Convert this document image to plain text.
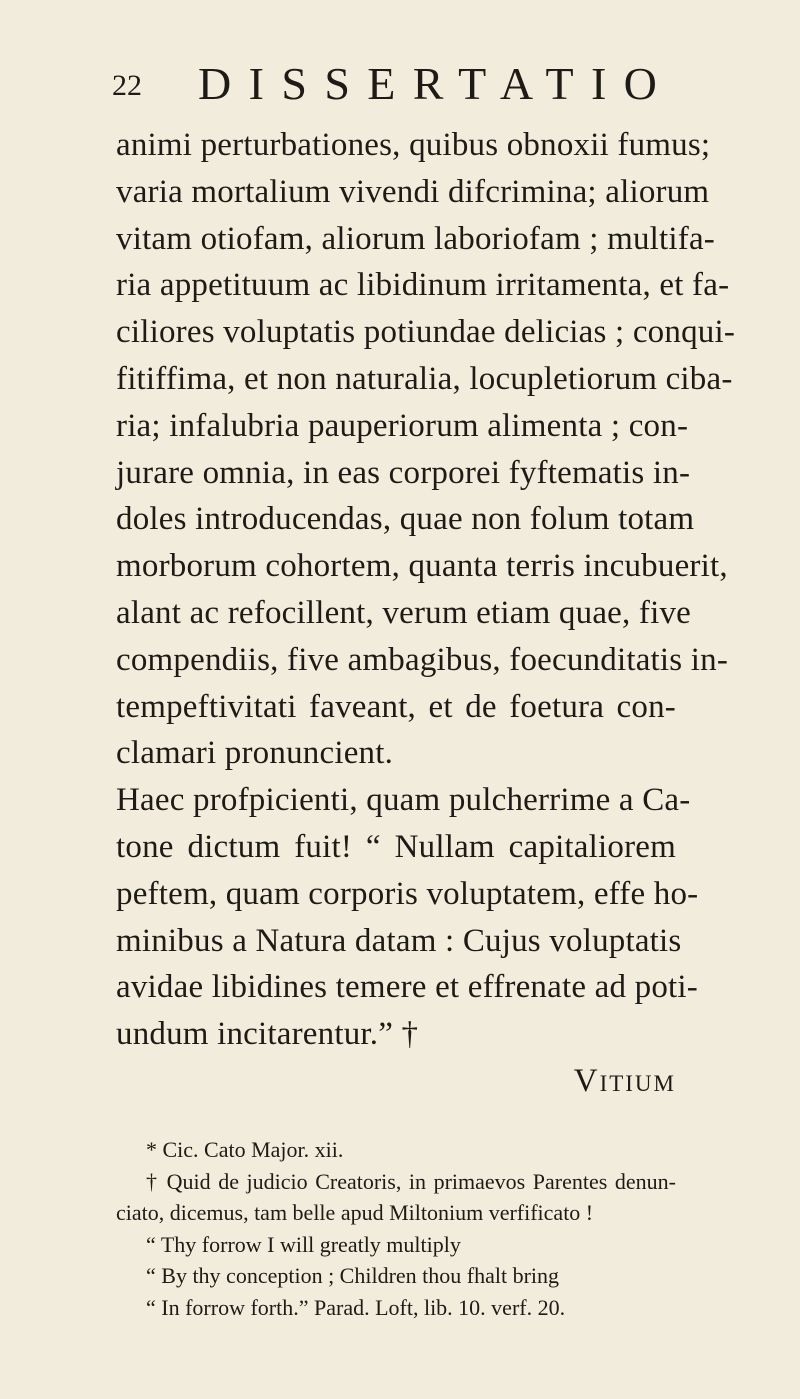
22 DISSERTATIO
animi perturbationes, quibus obnoxii fumus;
varia mortalium vivendi difcrimina; aliorum
vitam otiofam, aliorum laboriofam ; multifa-
ria appetituum ac libidinum irritamenta, et fa-
ciliores voluptatis potiundae delicias ; conqui-
fitiffima, et non naturalia, locupletiorum ciba-
ria; infalubria pauperiorum alimenta ; con-
jurare omnia, in eas corporei fyftematis in-
doles introducendas, quae non folum totam
morborum cohortem, quanta terris incubuerit,
alant ac refocillent, verum etiam quae, five
compendiis, five ambagibus, foecunditatis in-
tempeftivitati faveant, et de foetura con-
clamari pronuncient.
Haec profpicienti, quam pulcherrime a Ca-
tone dictum fuit! “ Nullam capitaliorem
peftem, quam corporis voluptatem, effe ho-
minibus a Natura datam : Cujus voluptatis
avidae libidines temere et effrenate ad poti-
undum incitarentur.” †
Vitium
* Cic. Cato Major. xii.
† Quid de judicio Creatoris, in primaevos Parentes denun-
ciato, dicemus, tam belle apud Miltonium verfificato !
“ Thy forrow I will greatly multiply
“ By thy conception ; Children thou fhalt bring
“ In forrow forth.” Parad. Loft, lib. 10. verf. 20.
